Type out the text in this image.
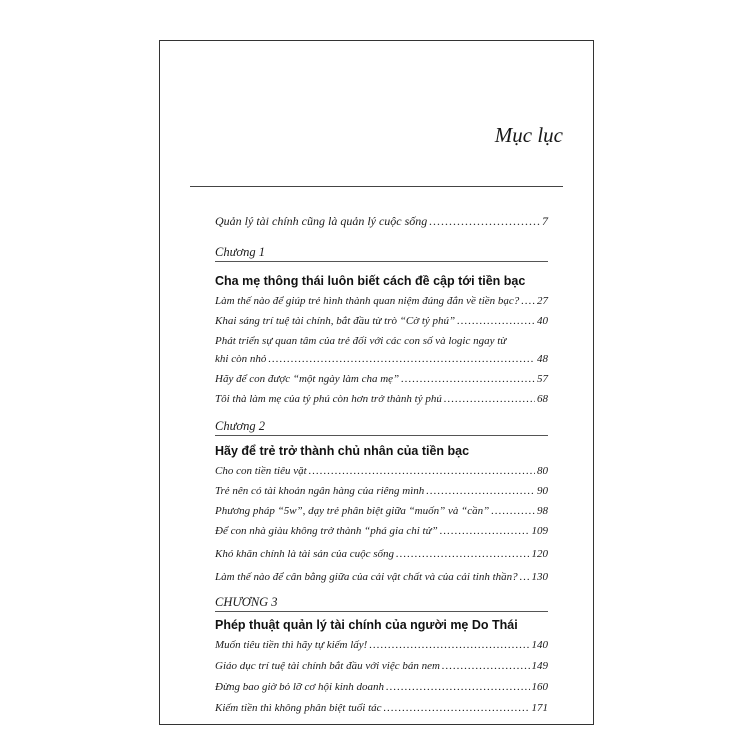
Mục lục
Quản lý tài chính cũng là quản lý cuộc sống .....	7
Chương 1
Cha mẹ thông thái luôn biết cách đề cập tới tiền bạc
Làm thế nào để giúp trẻ hình thành quan niệm đúng đắn về tiền bạc? ..... 27
Khai sáng trí tuệ tài chính, bắt đầu từ trò “Cờ tỷ phú” .....	40
Phát triển sự quan tâm của trẻ đối với các con số và logic ngay từ
khi còn nhỏ .....	48
Hãy để con được “một ngày làm cha mẹ” .....	57
Tôi thà làm mẹ của tỷ phú còn hơn trở thành tỷ phú .....	68
Chương 2
Hãy để trẻ trở thành chủ nhân của tiền bạc
Cho con tiền tiêu vặt .....	80
Trẻ nên có tài khoản ngân hàng của riêng mình .....	90
Phương pháp “5w”, dạy trẻ phân biệt giữa “muốn” và “cần” .....	98
Để con nhà giàu không trở thành “phá gia chi tử” .....	109
Khó khăn chính là tài sản của cuộc sống .....	120
Làm thế nào để cân bằng giữa của cải vật chất và của cải tinh thần? ..... 130
CHƯƠNG 3
Phép thuật quản lý tài chính của người mẹ Do Thái
Muốn tiêu tiền thì hãy tự kiếm lấy! .....	140
Giáo dục trí tuệ tài chính bắt đầu với việc bán nem .....	149
Đừng bao giờ bỏ lỡ cơ hội kinh doanh .....	160
Kiếm tiền thì không phân biệt tuổi tác .....	171
